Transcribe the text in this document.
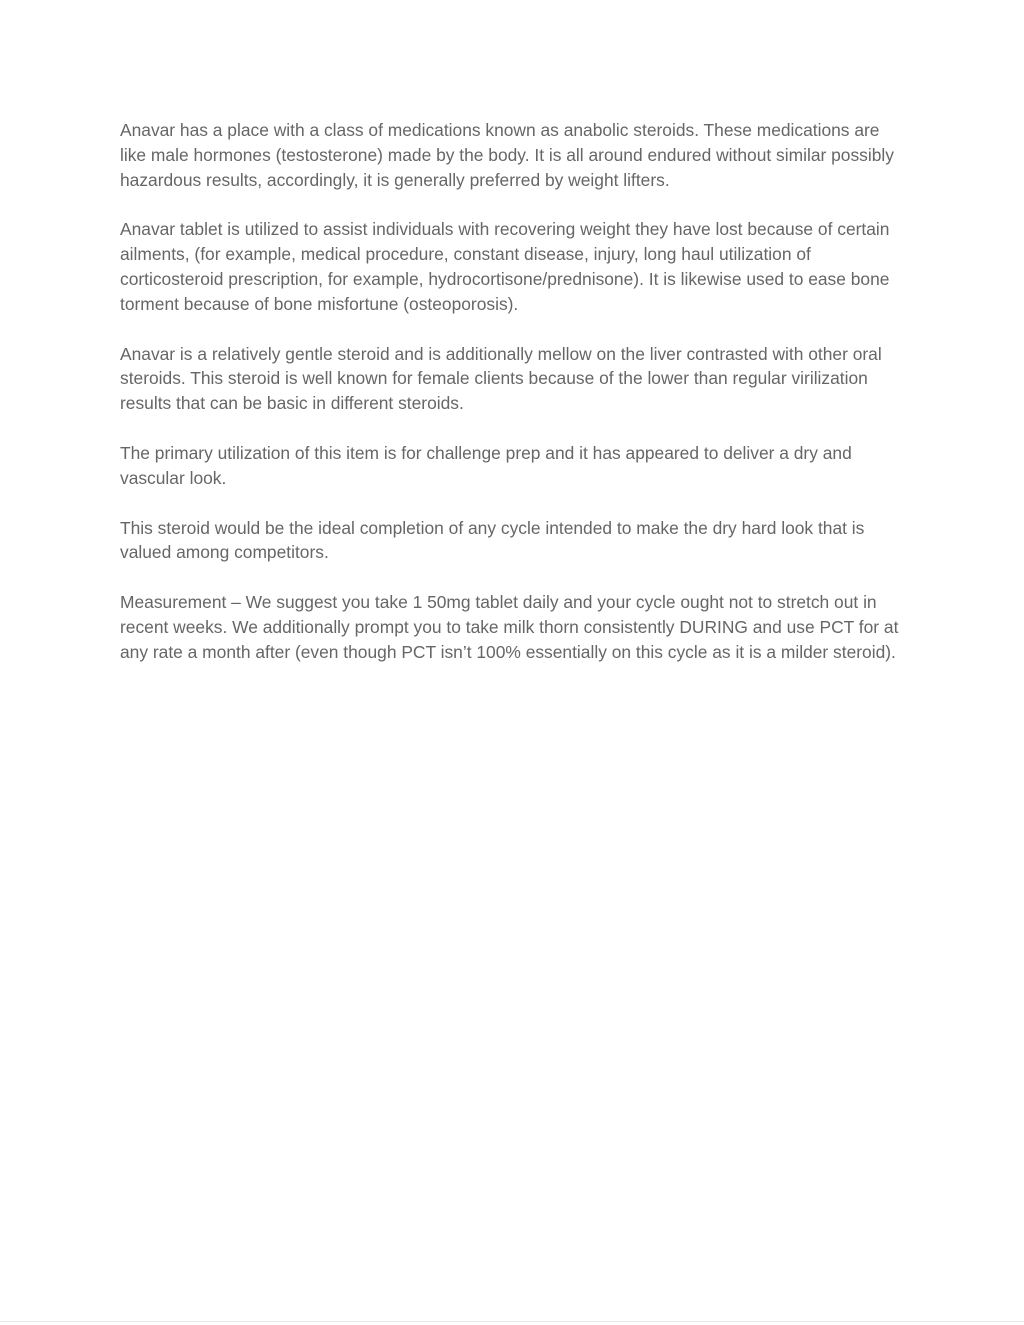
Anavar has a place with a class of medications known as anabolic steroids. These medications are like male hormones (testosterone) made by the body. It is all around endured without similar possibly hazardous results, accordingly, it is generally preferred by weight lifters.

Anavar tablet is utilized to assist individuals with recovering weight they have lost because of certain ailments, (for example, medical procedure, constant disease, injury, long haul utilization of corticosteroid prescription, for example, hydrocortisone/prednisone). It is likewise used to ease bone torment because of bone misfortune (osteoporosis).

Anavar is a relatively gentle steroid and is additionally mellow on the liver contrasted with other oral steroids. This steroid is well known for female clients because of the lower than regular virilization results that can be basic in different steroids.

The primary utilization of this item is for challenge prep and it has appeared to deliver a dry and vascular look.

This steroid would be the ideal completion of any cycle intended to make the dry hard look that is valued among competitors.

Measurement – We suggest you take 1 50mg tablet daily and your cycle ought not to stretch out in recent weeks. We additionally prompt you to take milk thorn consistently DURING and use PCT for at any rate a month after (even though PCT isn’t 100% essentially on this cycle as it is a milder steroid).
